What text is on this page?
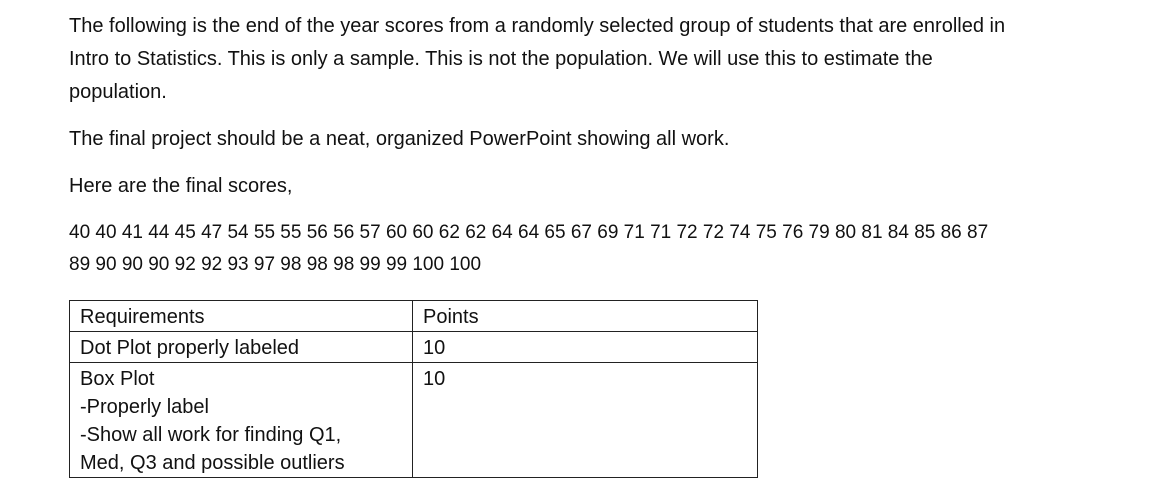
The following is the end of the year scores from a randomly selected group of students that are enrolled in
Intro to Statistics. This is only a sample. This is not the population. We will use this to estimate the
population.

The final project should be a neat, organized PowerPoint showing all work.

Here are the final scores,

40 40 41 44 45 47 54 55 55 56 56 57 60 60 62 62 64 64 65 67 69 71 71 72 72 74 75 76 79 80 81 84 85 86 87
89 90 90 90 92 92 93 97 98 98 98 99 99 100 100

Requirements	Points

Dot Plot properly labeled	10

Box Plot
-Properly label
-Show all work for finding Q1,
Med, Q3 and possible outliers	10
